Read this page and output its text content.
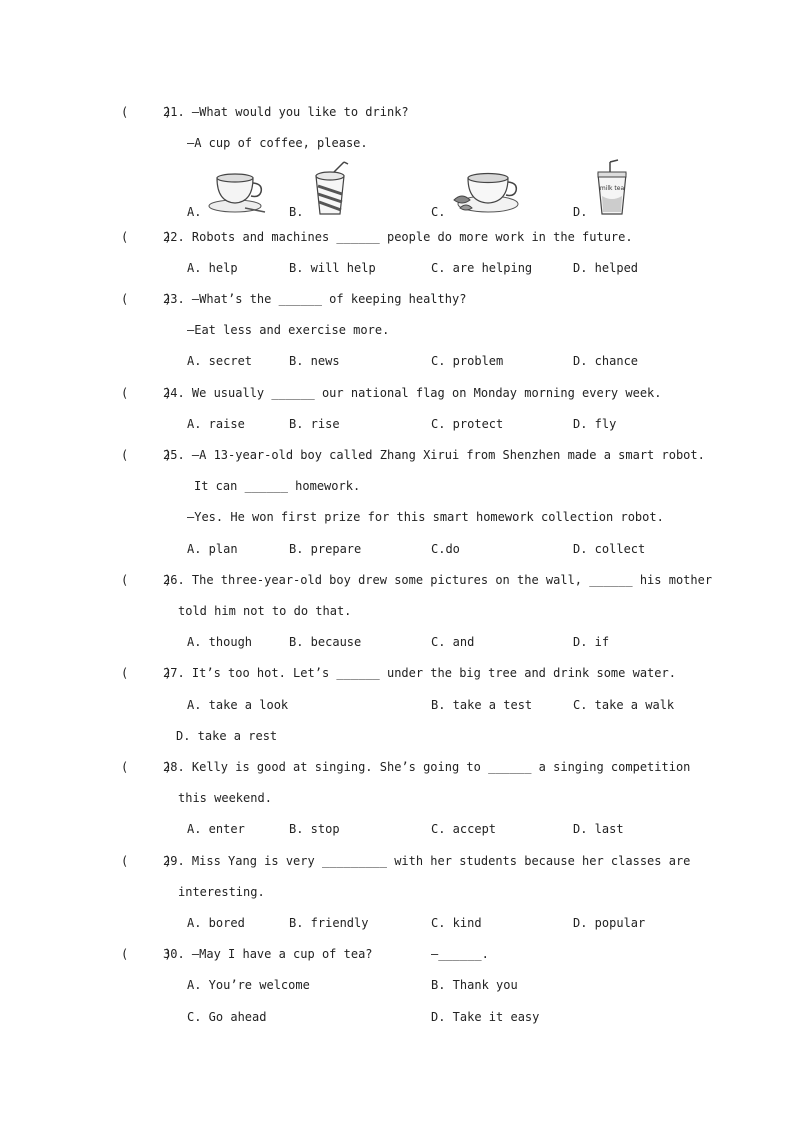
(     )
21. —What would you like to drink?
—A cup of coffee, please.
A.	B.	C.	D.
milk tea
(     )
22. Robots and machines ______ people do more work in the future.
A. help	B. will help	C. are helping	D. helped
(     )
23. —What’s the ______ of keeping healthy?
—Eat less and exercise more.
A. secret	B. news	C. problem	D. chance
(     )
24. We usually ______ our national flag on Monday morning every week.
A. raise	B. rise	C. protect	D. fly
(     )
25. —A 13-year-old boy called Zhang Xirui from Shenzhen made a smart robot.
It can ______ homework.
—Yes. He won first prize for this smart homework collection robot.
A. plan	B. prepare	C.do	D. collect
(     )
26. The three-year-old boy drew some pictures on the wall, ______ his mother
told him not to do that.
A. though	B. because	C. and	D. if
(     )
27. It’s too hot. Let’s ______ under the big tree and drink some water.
A. take a look	B. take a test	C. take a walk
D. take a rest
(     )
28. Kelly is good at singing. She’s going to ______ a singing competition
this weekend.
A. enter	B. stop	C. accept	D. last
(     )
29. Miss Yang is very _________ with her students because her classes are
interesting.
A. bored	B. friendly	C. kind	D. popular
(     )
30. —May I have a cup of tea?	—______.
A. You’re welcome	B. Thank you
C. Go ahead	D. Take it easy
